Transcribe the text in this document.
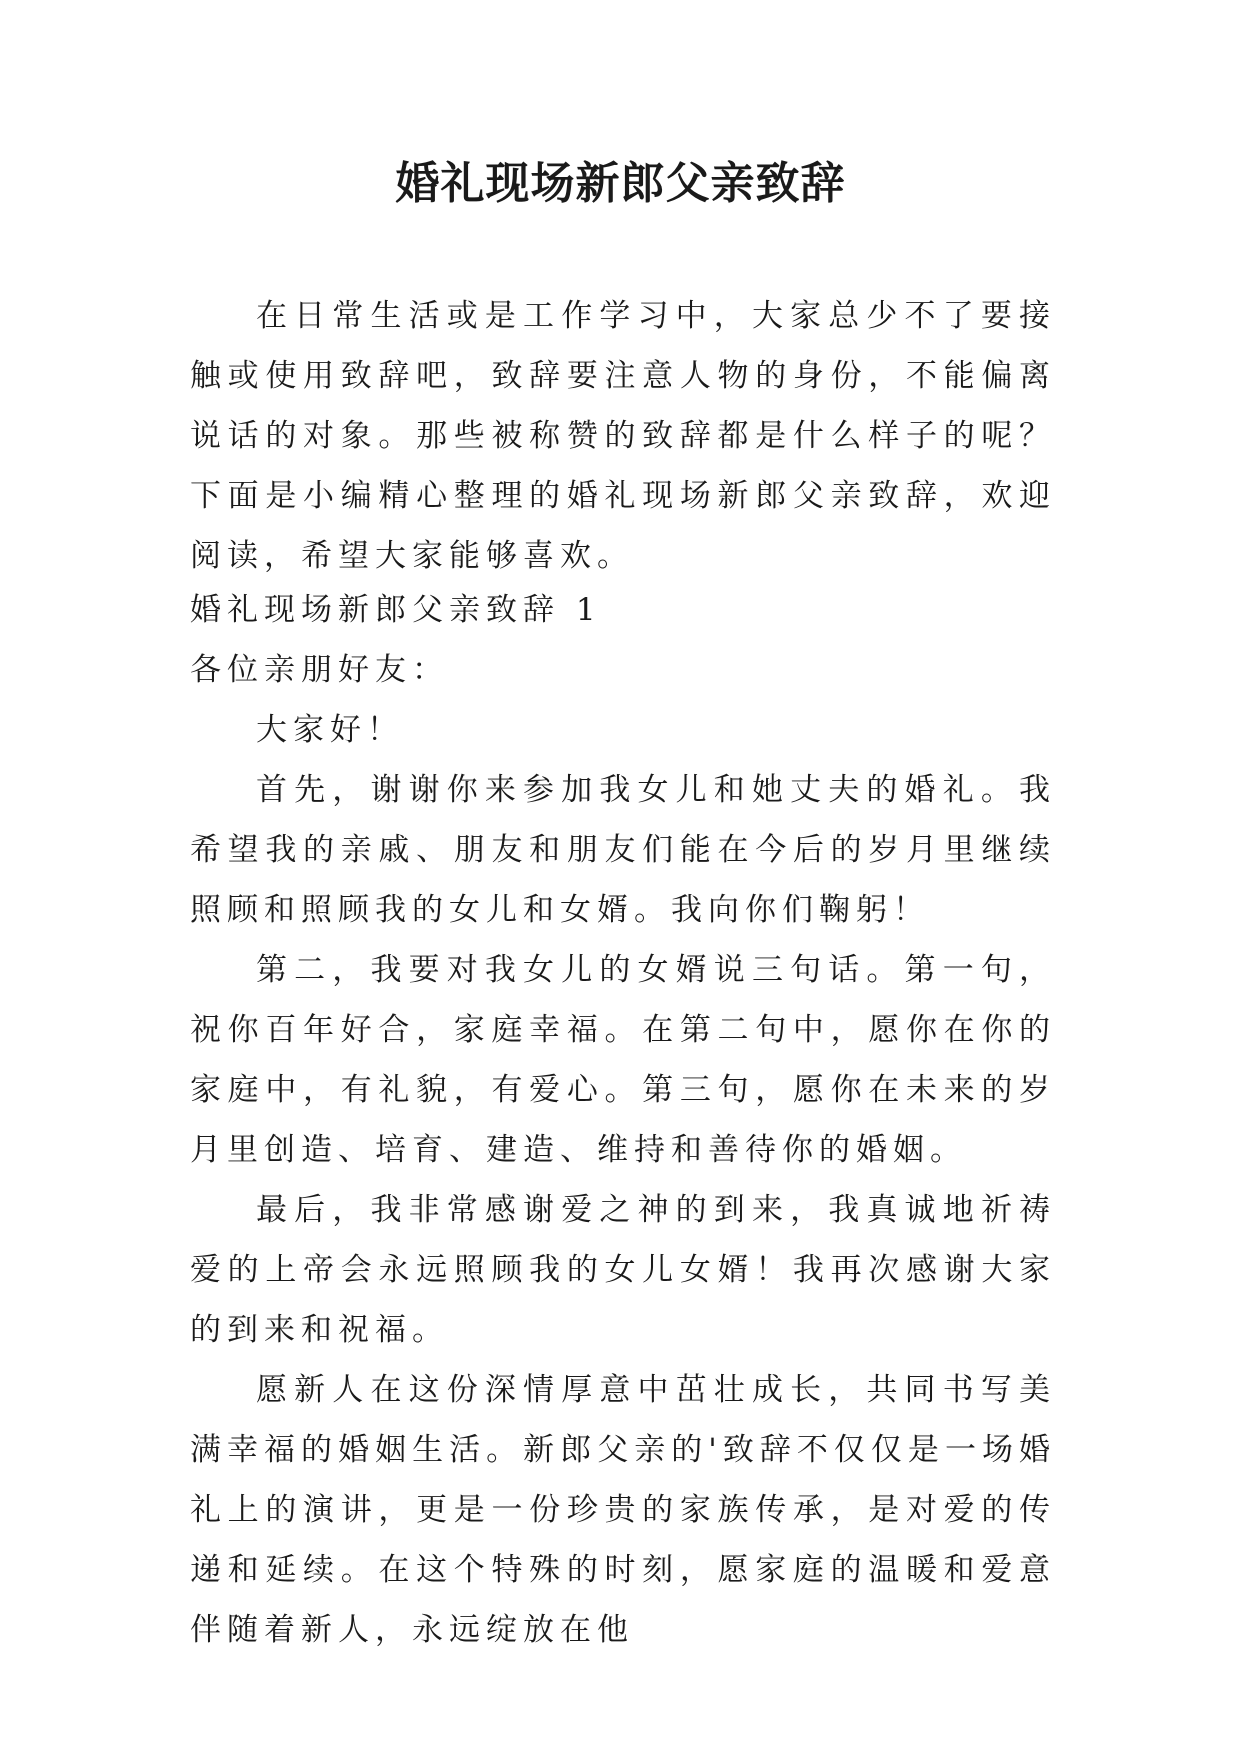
婚礼现场新郎父亲致辞

在日常生活或是工作学习中，大家总少不了要接触或使用致辞吧，致辞要注意人物的身份，不能偏离说话的对象。那些被称赞的致辞都是什么样子的呢？下面是小编精心整理的婚礼现场新郎父亲致辞，欢迎阅读，希望大家能够喜欢。

婚礼现场新郎父亲致辞 1

各位亲朋好友：

大家好！

首先，谢谢你来参加我女儿和她丈夫的婚礼。我希望我的亲戚、朋友和朋友们能在今后的岁月里继续照顾和照顾我的女儿和女婿。我向你们鞠躬！

第二，我要对我女儿的女婿说三句话。第一句，祝你百年好合，家庭幸福。在第二句中，愿你在你的家庭中，有礼貌，有爱心。第三句，愿你在未来的岁月里创造、培育、建造、维持和善待你的婚姻。

最后，我非常感谢爱之神的到来，我真诚地祈祷爱的上帝会永远照顾我的女儿女婿！我再次感谢大家的到来和祝福。

愿新人在这份深情厚意中茁壮成长，共同书写美满幸福的婚姻生活。新郎父亲的'致辞不仅仅是一场婚礼上的演讲，更是一份珍贵的家族传承，是对爱的传递和延续。在这个特殊的时刻，愿家庭的温暖和爱意伴随着新人，永远绽放在他
